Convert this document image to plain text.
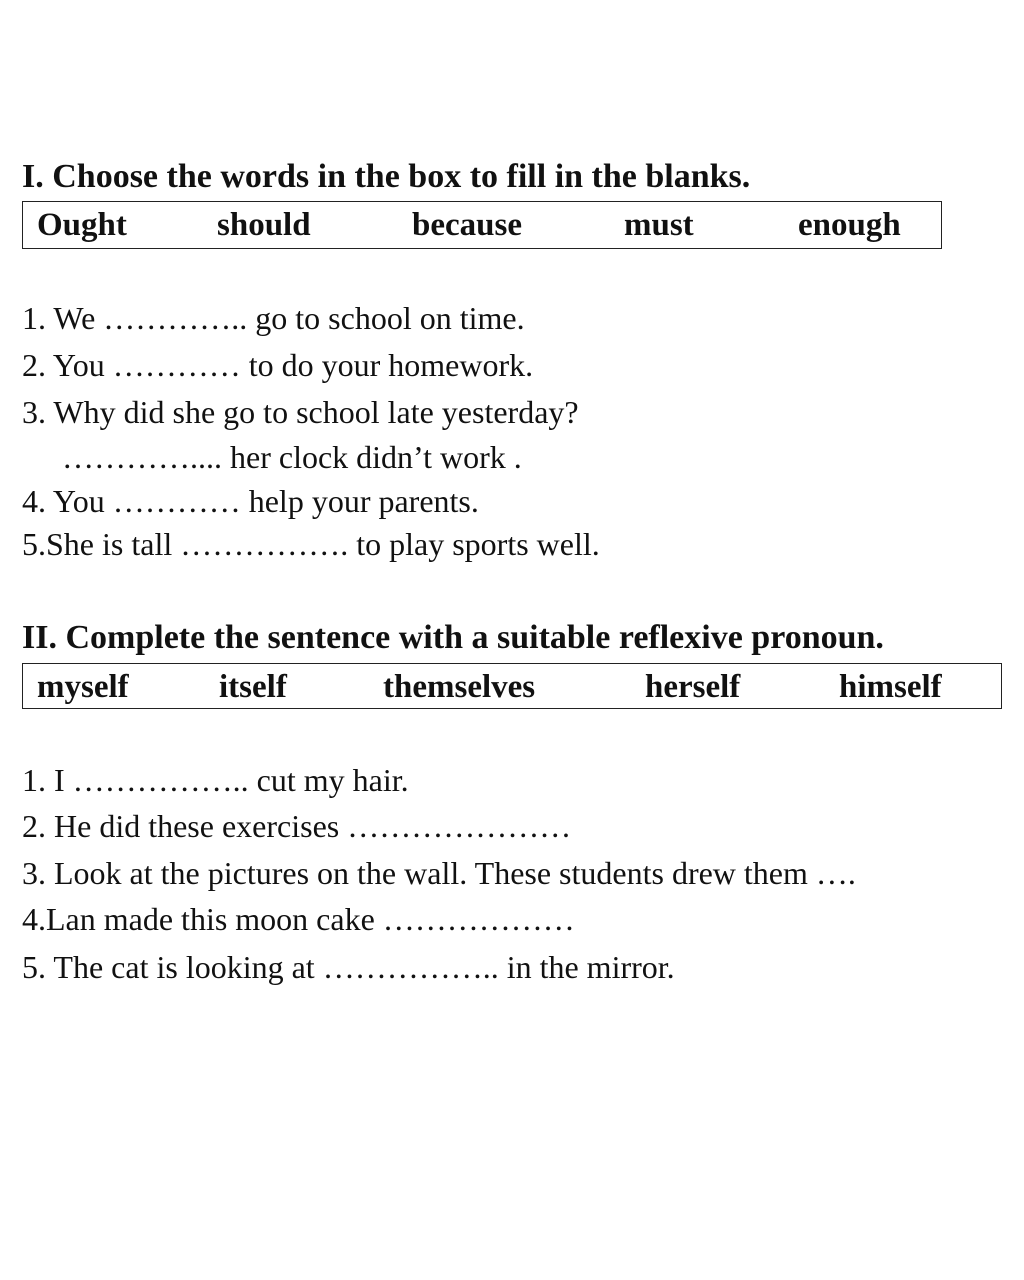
I. Choose the words in the box to fill in the blanks.
Ought	should	because	must	enough

1. We ………….. go to school on time.

2. You ………… to do your homework.

3. Why did she go to school late yesterday?

………….... her clock didn’t work .

4. You ………… help your parents.

5.She is tall ……………. to play sports well.

II. Complete the sentence with a suitable reflexive pronoun.
myself	itself	themselves	herself	himself

1. I …………….. cut my hair.

2. He did these exercises …………………

3. Look at the pictures on the wall. These students drew them ….

4.Lan made this moon cake ………………

5. The cat is looking at …………….. in the mirror.
